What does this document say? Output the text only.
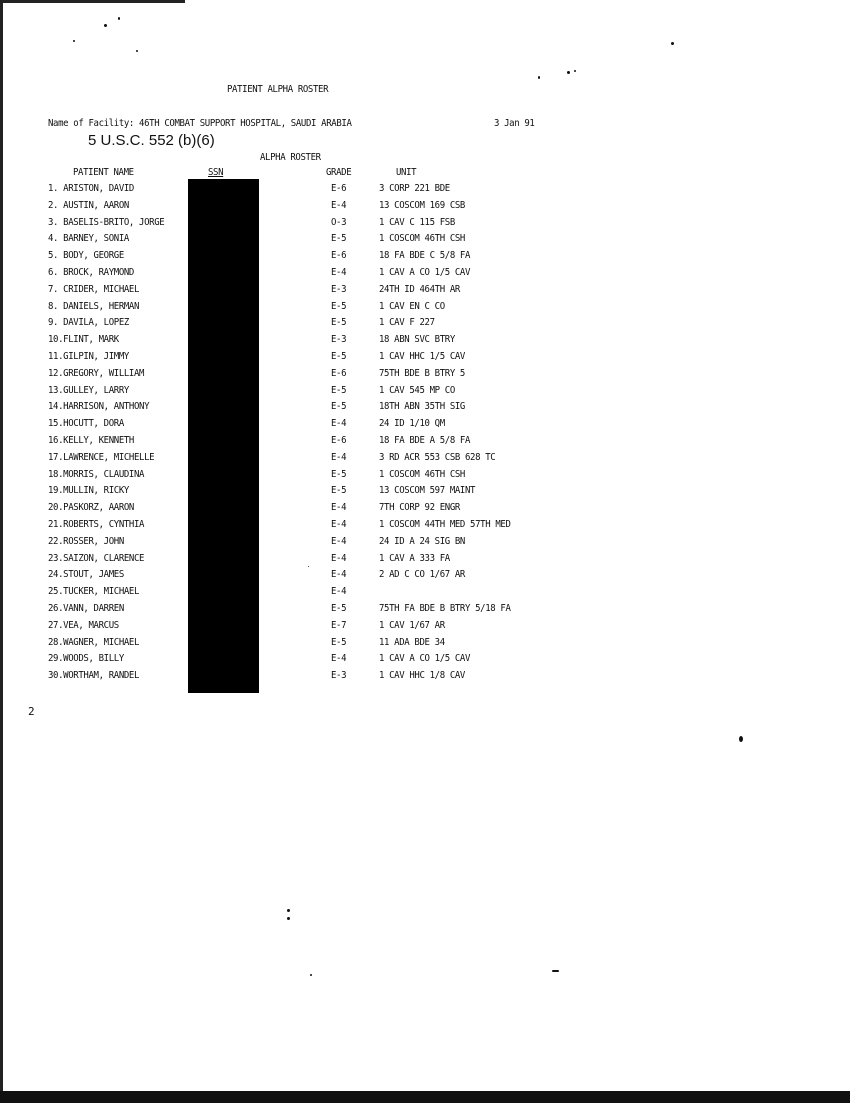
PATIENT ALPHA ROSTER
Name of Facility: 46TH COMBAT SUPPORT HOSPITAL, SAUDI ARABIA	3 Jan 91
5 U.S.C. 552 (b)(6)
ALPHA ROSTER
PATIENT NAME	SSN	GRADE	UNIT
1. ARISTON, DAVID	E-6	3 CORP 221 BDE
2. AUSTIN, AARON	E-4	13 COSCOM 169 CSB
3. BASELIS-BRITO, JORGE	O-3	1 CAV C 115 FSB
4. BARNEY, SONIA	E-5	1 COSCOM 46TH CSH
5. BODY, GEORGE	E-6	18 FA BDE C 5/8 FA
6. BROCK, RAYMOND	E-4	1 CAV A CO 1/5 CAV
7. CRIDER, MICHAEL	E-3	24TH ID 464TH AR
8. DANIELS, HERMAN	E-5	1 CAV EN C CO
9. DAVILA, LOPEZ	E-5	1 CAV F 227
10.FLINT, MARK	E-3	18 ABN SVC BTRY
11.GILPIN, JIMMY	E-5	1 CAV HHC 1/5 CAV
12.GREGORY, WILLIAM	E-6	75TH BDE B BTRY 5
13.GULLEY, LARRY	E-5	1 CAV 545 MP CO
14.HARRISON, ANTHONY	E-5	18TH ABN 35TH SIG
15.HOCUTT, DORA	E-4	24 ID 1/10 QM
16.KELLY, KENNETH	E-6	18 FA BDE A 5/8 FA
17.LAWRENCE, MICHELLE	E-4	3 RD ACR 553 CSB 628 TC
18.MORRIS, CLAUDINA	E-5	1 COSCOM 46TH CSH
19.MULLIN, RICKY	E-5	13 COSCOM 597 MAINT
20.PASKORZ, AARON	E-4	7TH CORP 92 ENGR
21.ROBERTS, CYNTHIA	E-4	1 COSCOM 44TH MED 57TH MED
22.ROSSER, JOHN	E-4	24 ID A 24 SIG BN
23.SAIZON, CLARENCE	E-4	1 CAV A 333 FA
24.STOUT, JAMES	E-4	2 AD C CO 1/67 AR
25.TUCKER, MICHAEL	E-4
26.VANN, DARREN	E-5	75TH FA BDE B BTRY 5/18 FA
27.VEA, MARCUS	E-7	1 CAV 1/67 AR
28.WAGNER, MICHAEL	E-5	11 ADA BDE 34
29.WOODS, BILLY	E-4	1 CAV A CO 1/5 CAV
30.WORTHAM, RANDEL	E-3	1 CAV HHC 1/8 CAV
2
